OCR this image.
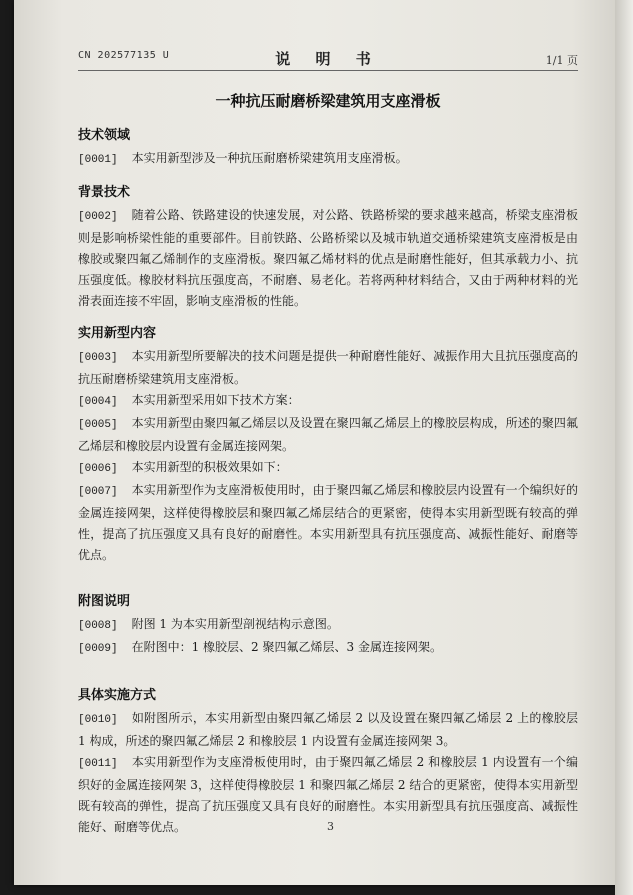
CN 202577135 U	说 明 书	1/1 页
一种抗压耐磨桥梁建筑用支座滑板
技术领域

[0001] 本实用新型涉及一种抗压耐磨桥梁建筑用支座滑板。

背景技术

[0002] 随着公路、铁路建设的快速发展，对公路、铁路桥梁的要求越来越高，桥梁支座滑板则是影响桥梁性能的重要部件。目前铁路、公路桥梁以及城市轨道交通桥梁建筑支座滑板是由橡胶或聚四氟乙烯制作的支座滑板。聚四氟乙烯材料的优点是耐磨性能好，但其承载力小、抗压强度低。橡胶材料抗压强度高，不耐磨、易老化。若将两种材料结合，又由于两种材料的光滑表面连接不牢固，影响支座滑板的性能。

实用新型内容

[0003] 本实用新型所要解决的技术问题是提供一种耐磨性能好、减振作用大且抗压强度高的抗压耐磨桥梁建筑用支座滑板。

[0004] 本实用新型采用如下技术方案：

[0005] 本实用新型由聚四氟乙烯层以及设置在聚四氟乙烯层上的橡胶层构成，所述的聚四氟乙烯层和橡胶层内设置有金属连接网架。

[0006] 本实用新型的积极效果如下：

[0007] 本实用新型作为支座滑板使用时，由于聚四氟乙烯层和橡胶层内设置有一个编织好的金属连接网架，这样使得橡胶层和聚四氟乙烯层结合的更紧密，使得本实用新型既有较高的弹性，提高了抗压强度又具有良好的耐磨性。本实用新型具有抗压强度高、减振性能好、耐磨等优点。

附图说明

[0008] 附图 1 为本实用新型剖视结构示意图。

[0009] 在附图中：1 橡胶层、2 聚四氟乙烯层、3 金属连接网架。

具体实施方式

[0010] 如附图所示，本实用新型由聚四氟乙烯层 2 以及设置在聚四氟乙烯层 2 上的橡胶层 1 构成，所述的聚四氟乙烯层 2 和橡胶层 1 内设置有金属连接网架 3。

[0011] 本实用新型作为支座滑板使用时，由于聚四氟乙烯层 2 和橡胶层 1 内设置有一个编织好的金属连接网架 3，这样使得橡胶层 1 和聚四氟乙烯层 2 结合的更紧密，使得本实用新型既有较高的弹性，提高了抗压强度又具有良好的耐磨性。本实用新型具有抗压强度高、减振性能好、耐磨等优点。	3
